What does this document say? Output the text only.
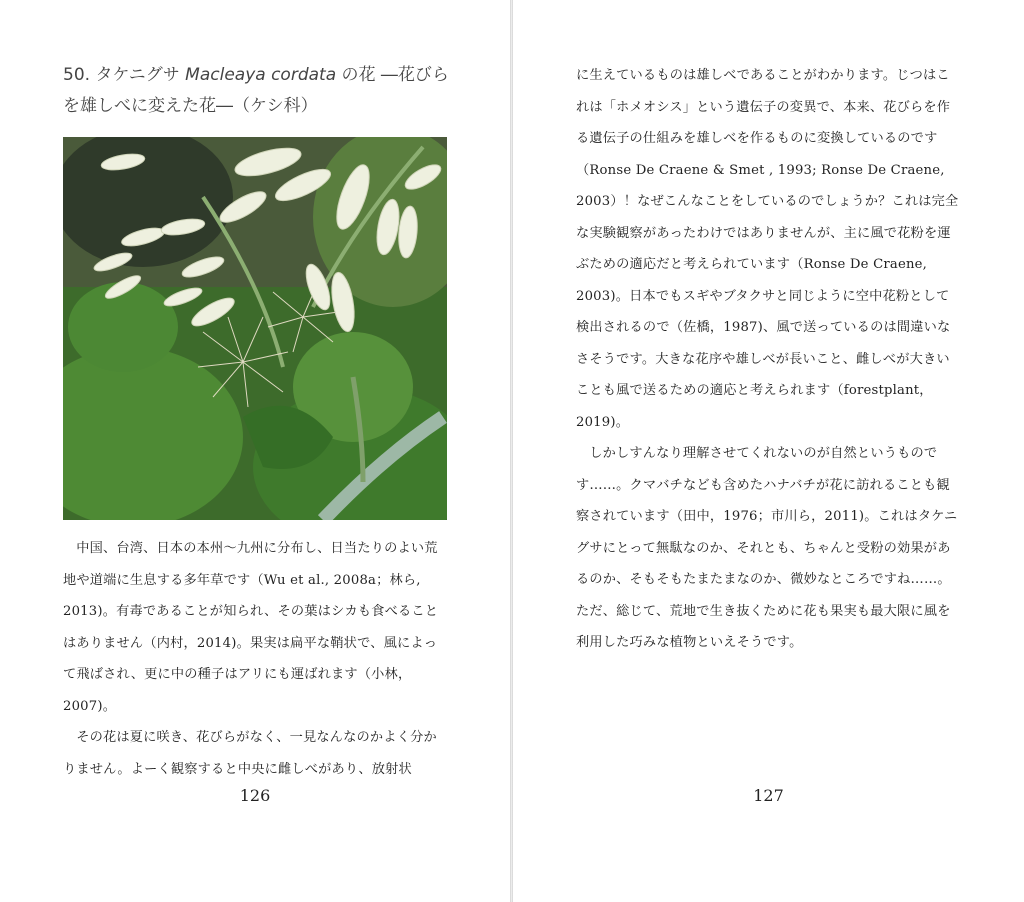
50. タケニグサ Macleaya cordata の花 ―花びらを雄しべに変えた花―（ケシ科）

中国、台湾、日本の本州～九州に分布し、日当たりのよい荒地や道端に生息する多年草です（Wu et al., 2008a；林ら, 2013)。有毒であることが知られ、その葉はシカも食べることはありません（内村，2014)。果実は扁平な鞘状で、風によって飛ばされ、更に中の種子はアリにも運ばれます（小林，2007)。

その花は夏に咲き、花びらがなく、一見なんなのかよく分かりません。よーく観察すると中央に雌しべがあり、放射状

126

に生えているものは雄しべであることがわかります。じつはこれは「ホメオシス」という遺伝子の変異で、本来、花びらを作る遺伝子の仕組みを雄しべを作るものに変換しているのです（Ronse De Craene & Smet , 1993; Ronse De Craene, 2003）！なぜこんなことをしているのでしょうか？これは完全な実験観察があったわけではありませんが、主に風で花粉を運ぶための適応だと考えられています（Ronse De Craene, 2003)。日本でもスギやブタクサと同じように空中花粉として検出されるので（佐橋，1987)、風で送っているのは間違いなさそうです。大きな花序や雄しべが長いこと、雌しべが大きいことも風で送るための適応と考えられます（forestplant，2019)。

しかしすんなり理解させてくれないのが自然というものです……。クマバチなども含めたハナバチが花に訪れることも観察されています（田中，1976；市川ら，2011)。これはタケニグサにとって無駄なのか、それとも、ちゃんと受粉の効果があるのか、そもそもたまたまなのか、微妙なところですね……。ただ、総じて、荒地で生き抜くために花も果実も最大限に風を利用した巧みな植物といえそうです。

127
